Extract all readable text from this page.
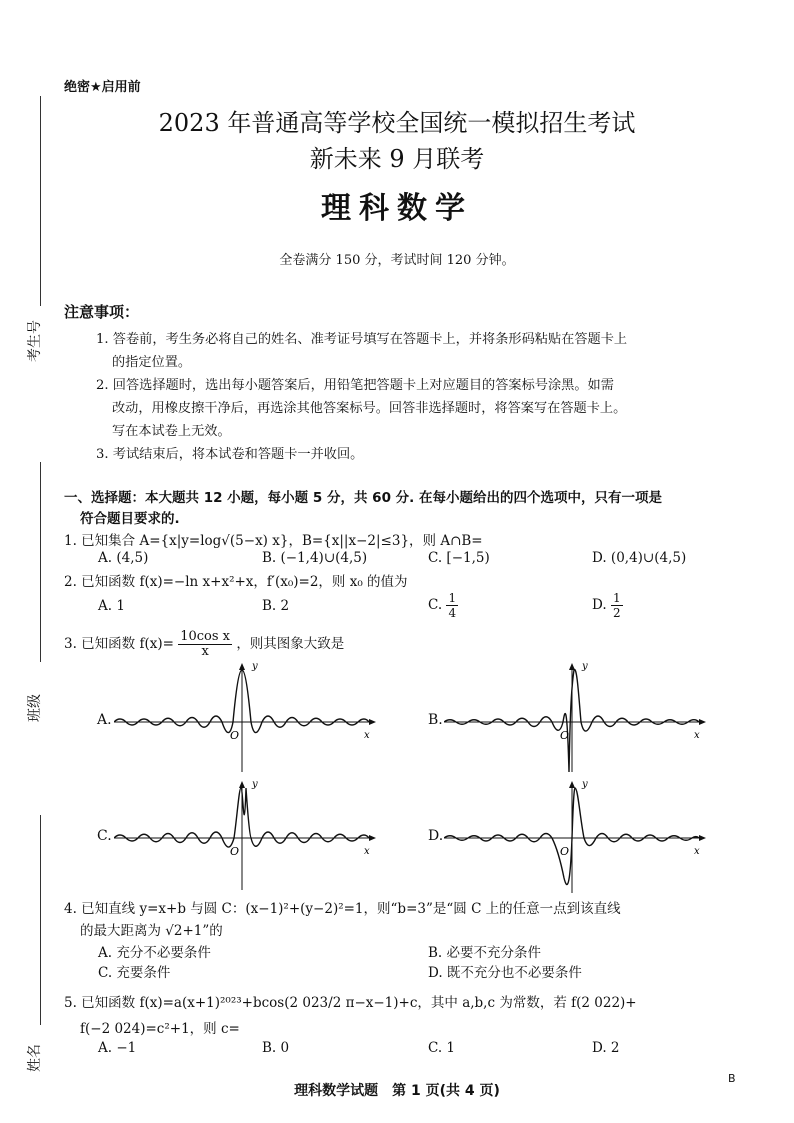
考生号
班级
姓名
绝密★启用前
2023 年普通高等学校全国统一模拟招生考试
新未来 9 月联考
理科数学
全卷满分 150 分，考试时间 120 分钟。
注意事项：
1. 答卷前，考生务必将自己的姓名、准考证号填写在答题卡上，并将条形码粘贴在答题卡上
的指定位置。
2. 回答选择题时，选出每小题答案后，用铅笔把答题卡上对应题目的答案标号涂黑。如需
改动，用橡皮擦干净后，再选涂其他答案标号。回答非选择题时，将答案写在答题卡上。
写在本试卷上无效。
3. 考试结束后，将本试卷和答题卡一并收回。
一、选择题：本大题共 12 小题，每小题 5 分，共 60 分. 在每小题给出的四个选项中，只有一项是
符合题目要求的.
1. 已知集合 A={x|y=log√(5−x) x}，B={x||x−2|≤3}，则 A∩B=
A. (4,5)	B. (−1,4)∪(4,5)	C. [−1,5)	D. (0,4)∪(4,5)
2. 已知函数 f(x)=−ln x+x²+x，f′(x₀)=2，则 x₀ 的值为
A. 1	B. 2	C. $\frac{1}{4}$	D. $\frac{1}{2}$
3. 已知函数 $f(x)= \frac{\text{10cos x}}{x}$ ，则其图象大致是
A.	B.
C.	D.
y
x
O
y
x
O
y
x
O
y
x
O
4. 已知直线 y=x+b 与圆 C：(x−1)²+(y−2)²=1，则“b=3”是“圆 C 上的任意一点到该直线
的最大距离为 √2+1”的
A. 充分不必要条件	B. 必要不充分条件
C. 充要条件	D. 既不充分也不必要条件
5. 已知函数 f(x)=a(x+1)²⁰²³+bcos(2 023/2 π−x−1)+c，其中 a,b,c 为常数，若 f(2 022)+
f(−2 024)=c²+1，则 c=
A. −1	B. 0	C. 1	D. 2
理科数学试题　第 1 页(共 4 页)
B
